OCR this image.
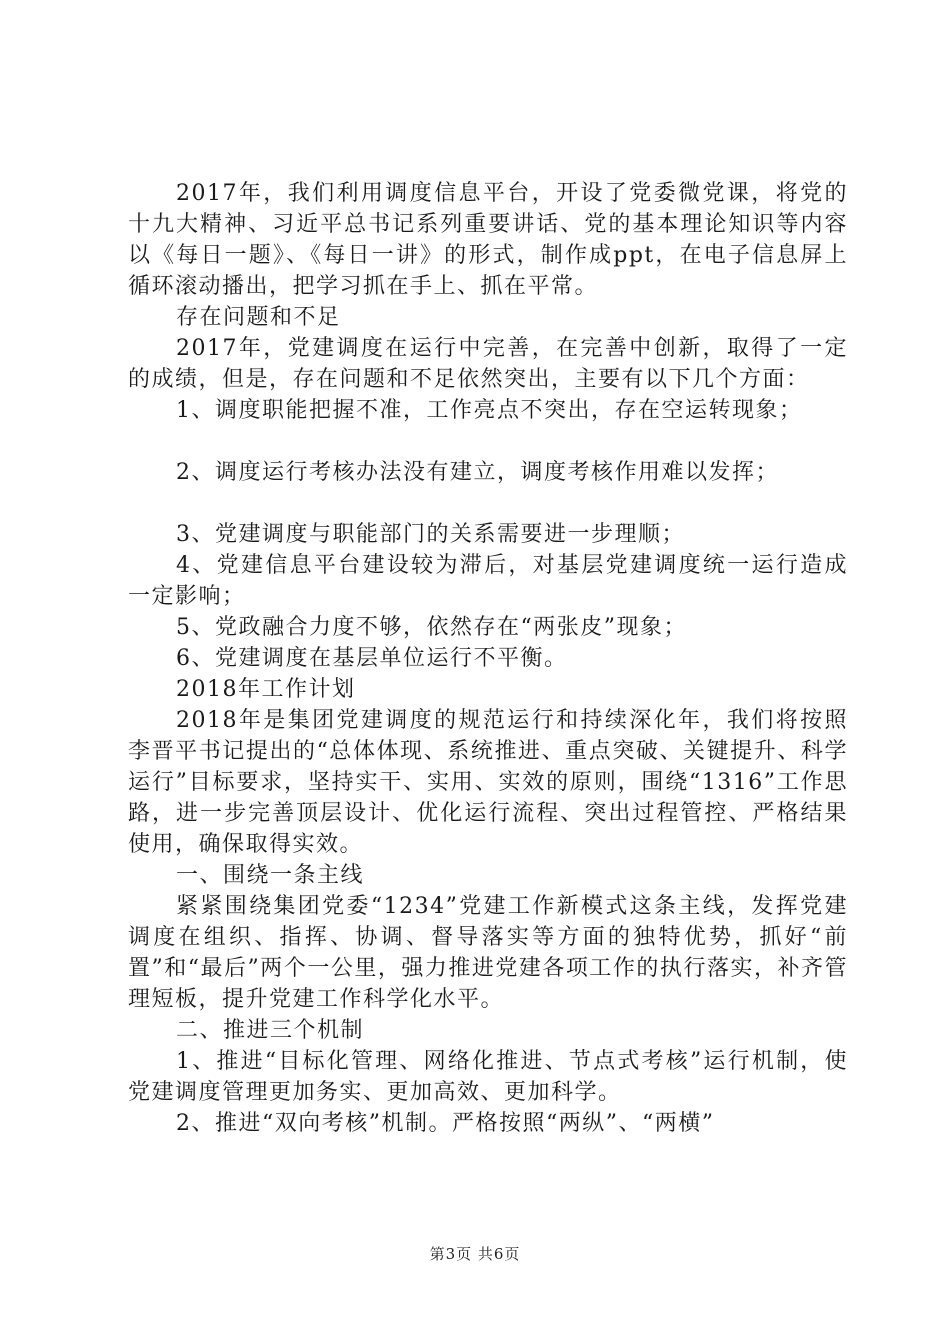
2017年，我们利用调度信息平台，开设了党委微党课，将党的十九大精神、习近平总书记系列重要讲话、党的基本理论知识等内容以《每日一题》、《每日一讲》的形式，制作成ppt，在电子信息屏上循环滚动播出，把学习抓在手上、抓在平常。

存在问题和不足

2017年，党建调度在运行中完善，在完善中创新，取得了一定的成绩，但是，存在问题和不足依然突出，主要有以下几个方面：

1、调度职能把握不准，工作亮点不突出，存在空运转现象；

2、调度运行考核办法没有建立，调度考核作用难以发挥；

3、党建调度与职能部门的关系需要进一步理顺；

4、党建信息平台建设较为滞后，对基层党建调度统一运行造成一定影响；

5、党政融合力度不够，依然存在“两张皮”现象；

6、党建调度在基层单位运行不平衡。

2018年工作计划

2018年是集团党建调度的规范运行和持续深化年，我们将按照李晋平书记提出的“总体体现、系统推进、重点突破、关键提升、科学运行”目标要求，坚持实干、实用、实效的原则，围绕“1316”工作思路，进一步完善顶层设计、优化运行流程、突出过程管控、严格结果使用，确保取得实效。

一、围绕一条主线

紧紧围绕集团党委“1234”党建工作新模式这条主线，发挥党建调度在组织、指挥、协调、督导落实等方面的独特优势，抓好“前置”和“最后”两个一公里，强力推进党建各项工作的执行落实，补齐管理短板，提升党建工作科学化水平。

二、推进三个机制

1、推进“目标化管理、网络化推进、节点式考核”运行机制，使党建调度管理更加务实、更加高效、更加科学。

2、推进“双向考核”机制。严格按照“两纵”、“两横”

第3页 共6页
